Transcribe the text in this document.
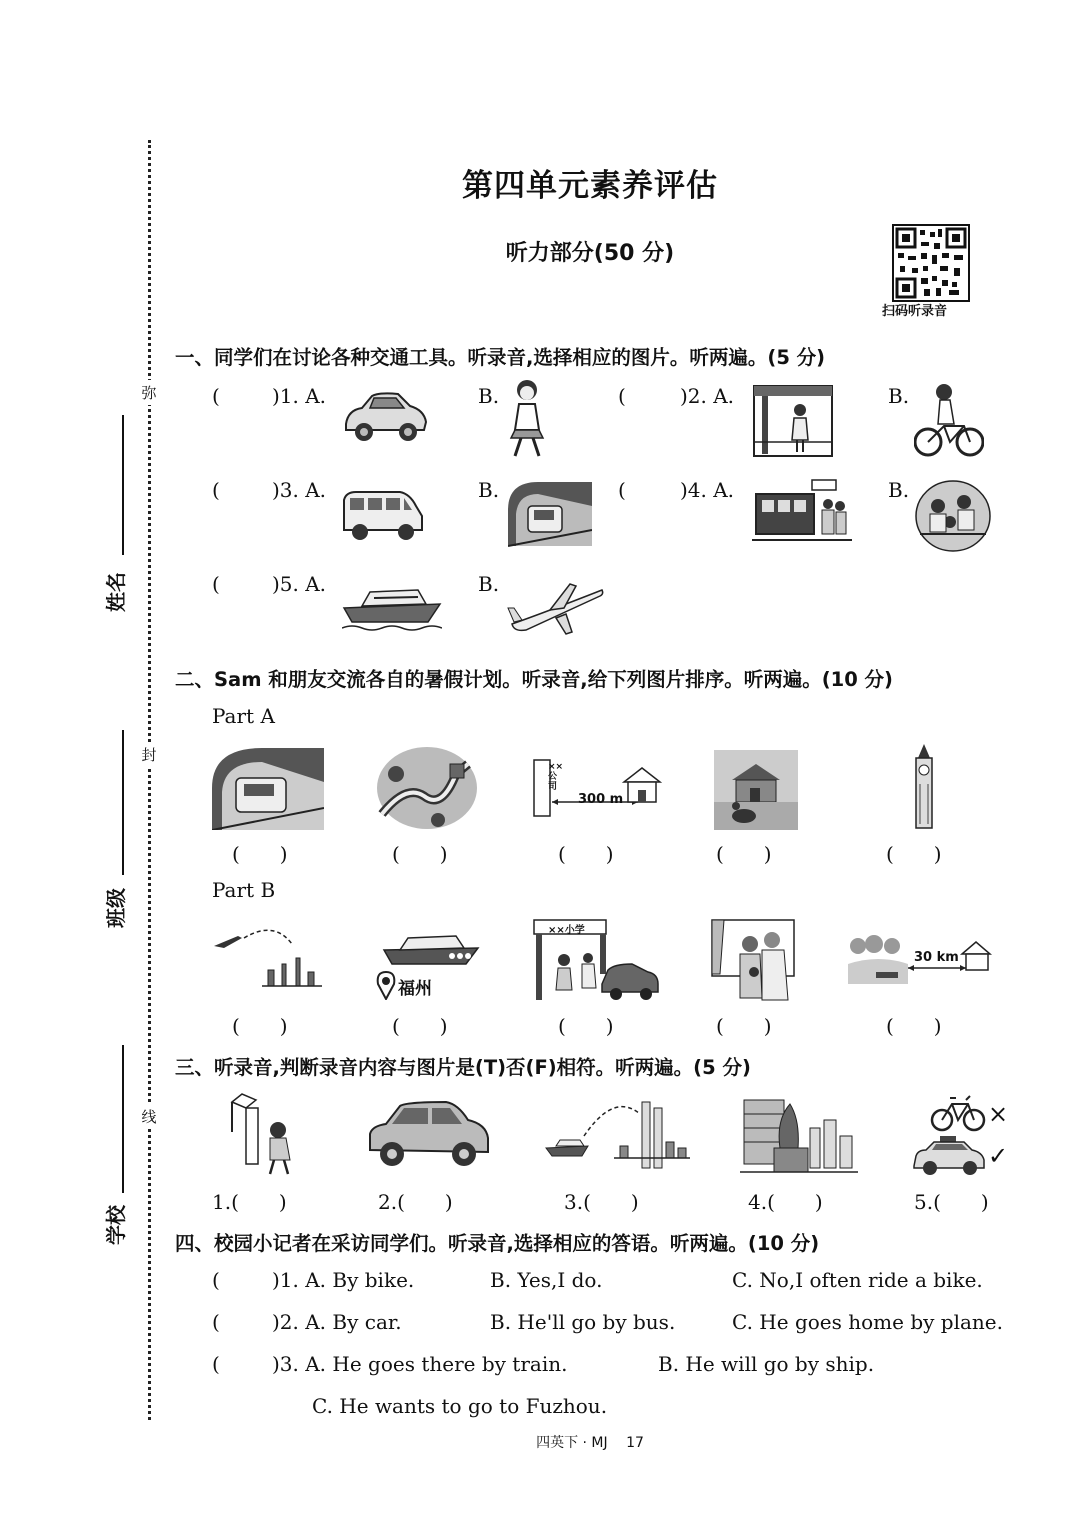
弥
封
线
姓名
班级
学校
第四单元素养评估
听力部分(50 分)
扫码听录音
一、同学们在讨论各种交通工具。听录音,选择相应的图片。听两遍。(5 分)
(	)1. A.	B.	(	)2. A.	B.
(	)3. A.	B.	(	)4. A.	B.
(	)5. A.	B.
二、Sam 和朋友交流各自的暑假计划。听录音,给下列图片排序。听两遍。(10 分)
Part A
××公司
300 m
(　　)	(　　)	(　　)	(　　)	(　　)
Part B
福州
××小学
30 km
(　　)	(　　)	(　　)	(　　)	(　　)
三、听录音,判断录音内容与图片是(T)否(F)相符。听两遍。(5 分)
×
✓
1.(　　)	2.(　　)	3.(　　)	4.(　　)	5.(　　)
四、校园小记者在采访同学们。听录音,选择相应的答语。听两遍。(10 分)
(	)1. A. By bike.	B. Yes,I do.	C. No,I often ride a bike.
(	)2. A. By car.	B. He'll go by bus.	C. He goes home by plane.
(	)3. A. He goes there by train.	B. He will go by ship.
C. He wants to go to Fuzhou.
四英下 · MJ　 17
